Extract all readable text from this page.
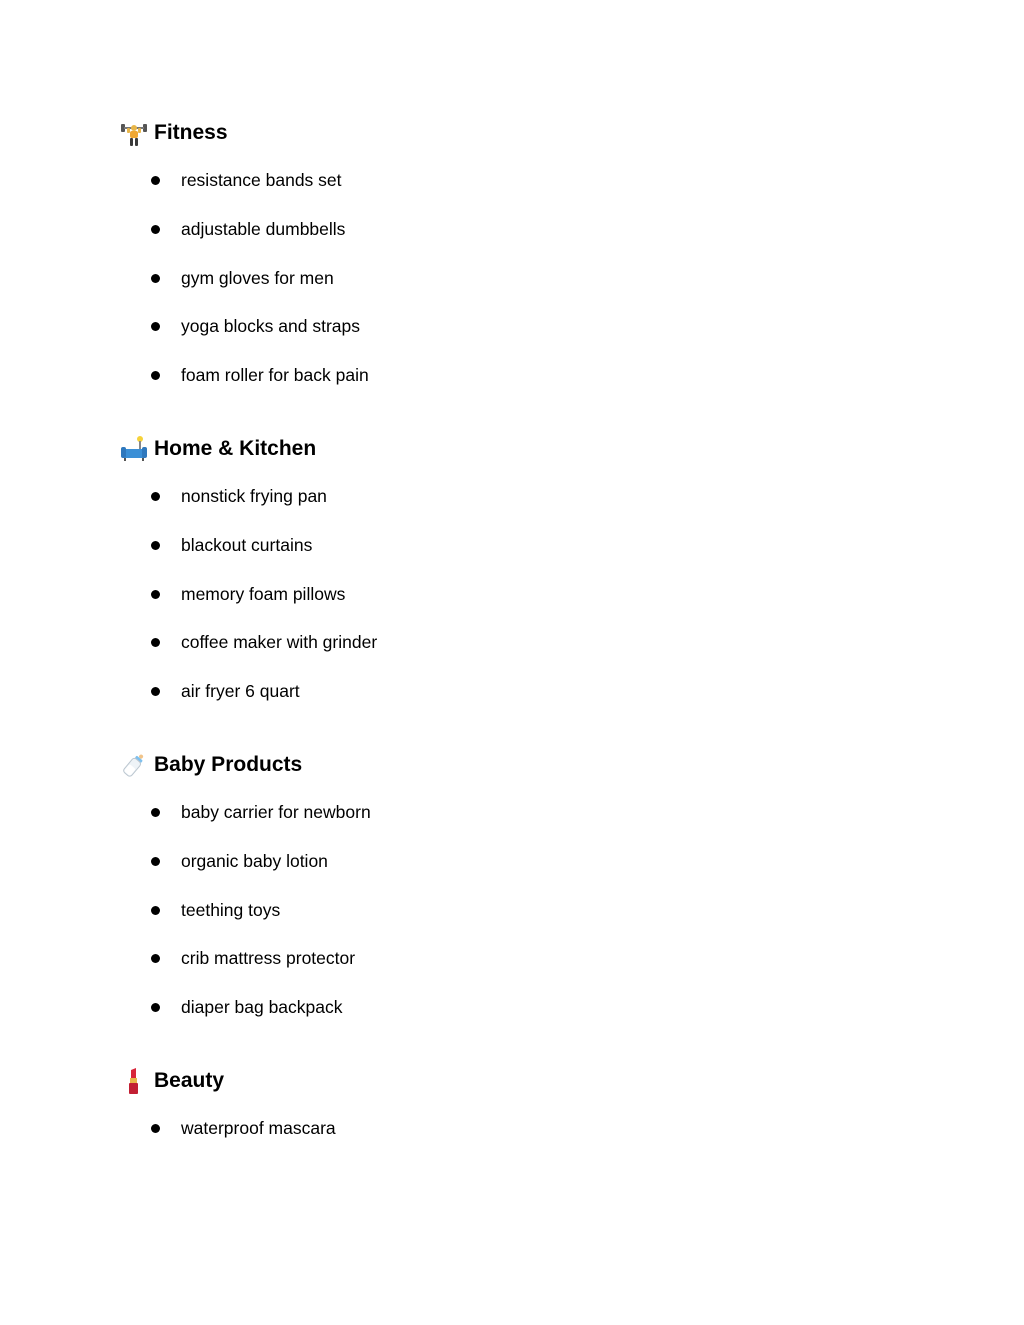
Fitness
resistance bands set
adjustable dumbbells
gym gloves for men
yoga blocks and straps
foam roller for back pain
Home & Kitchen
nonstick frying pan
blackout curtains
memory foam pillows
coffee maker with grinder
air fryer 6 quart
Baby Products
baby carrier for newborn
organic baby lotion
teething toys
crib mattress protector
diaper bag backpack
Beauty
waterproof mascara
